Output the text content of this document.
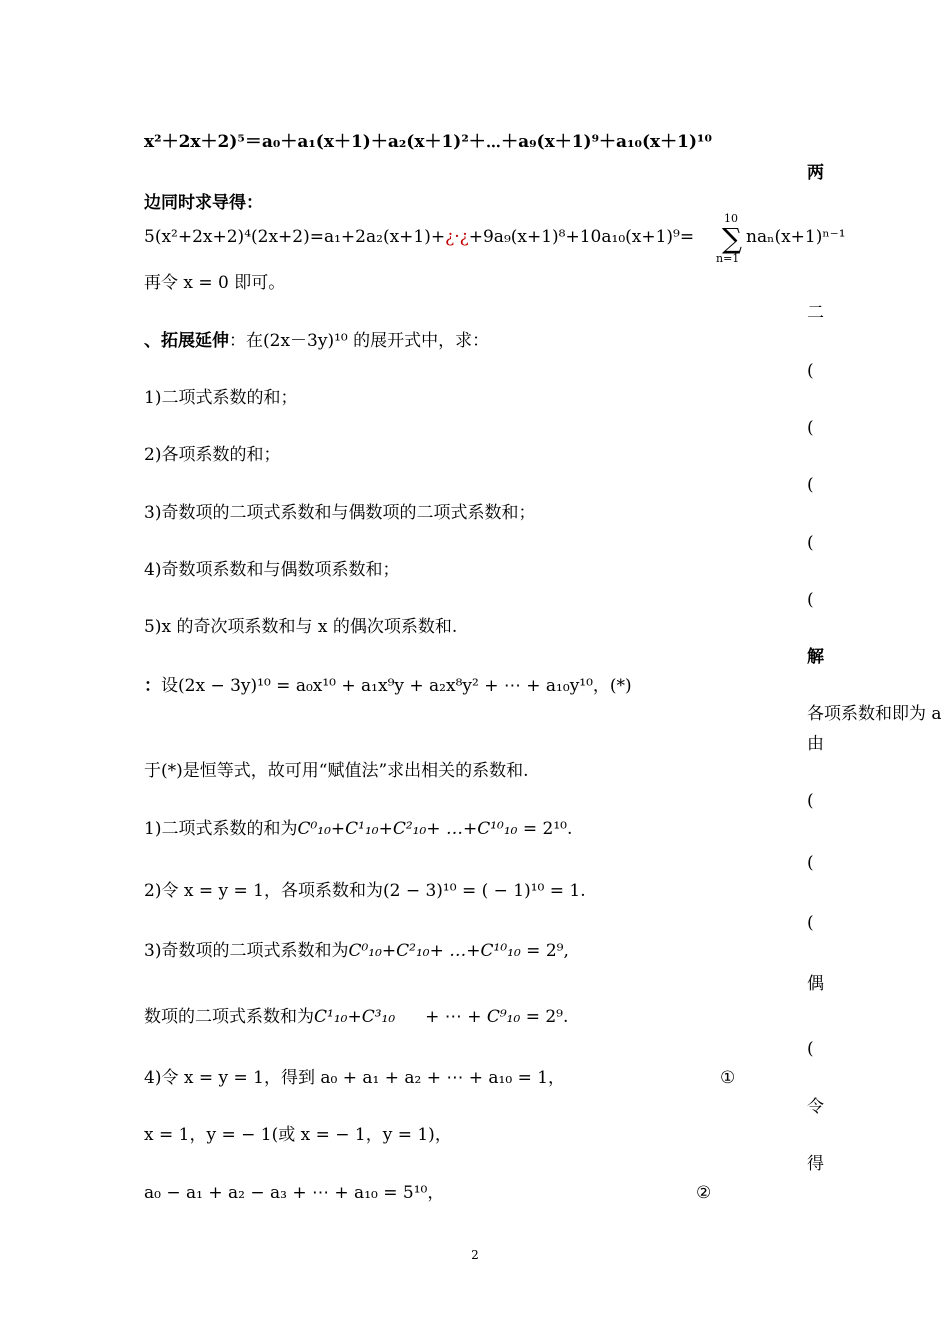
x²＋2x＋2)⁵＝a₀＋a₁(x＋1)＋a₂(x＋1)²＋⋯＋a₉(x＋1)⁹＋a₁₀(x＋1)¹⁰
边同时求导得：
5(x²+2x+2)⁴(2x+2)=a₁+2a₂(x+1)+¿·¿+9a₉(x+1)⁸+10a₁₀(x+1)⁹=
10
∑
n=1
naₙ(x+1)ⁿ⁻¹
再令 x = 0 即可。
、拓展延伸：在(2x－3y)¹⁰ 的展开式中，求：
1)二项式系数的和；
2)各项系数的和；
3)奇数项的二项式系数和与偶数项的二项式系数和；
4)奇数项系数和与偶数项系数和；
5)x 的奇次项系数和与 x 的偶次项系数和.
：设(2x − 3y)¹⁰ = a₀x¹⁰ + a₁x⁹y + a₂x⁸y² + ⋯ + a₁₀y¹⁰，(*)
于(*)是恒等式，故可用“赋值法”求出相关的系数和.
1)二项式系数的和为C⁰₁₀+C¹₁₀+C²₁₀+ …+C¹⁰₁₀ = 2¹⁰.
2)令 x = y = 1，各项系数和为(2 − 3)¹⁰ = ( − 1)¹⁰ = 1.
3)奇数项的二项式系数和为C⁰₁₀+C²₁₀+ …+C¹⁰₁₀ = 2⁹,
数项的二项式系数和为C¹₁₀+C³₁₀ + ⋯ + C⁹₁₀ = 2⁹.
4)令 x = y = 1，得到 a₀ + a₁ + a₂ + ⋯ + a₁₀ = 1，	①
x = 1，y = − 1(或 x = − 1，y = 1)，
a₀ − a₁ + a₂ − a₃ + ⋯ + a₁₀ = 5¹⁰，	②
2
两
二
(
(
(
(
(
解
各项系数和即为 a
由
(
(
(
偶
(
令
得
